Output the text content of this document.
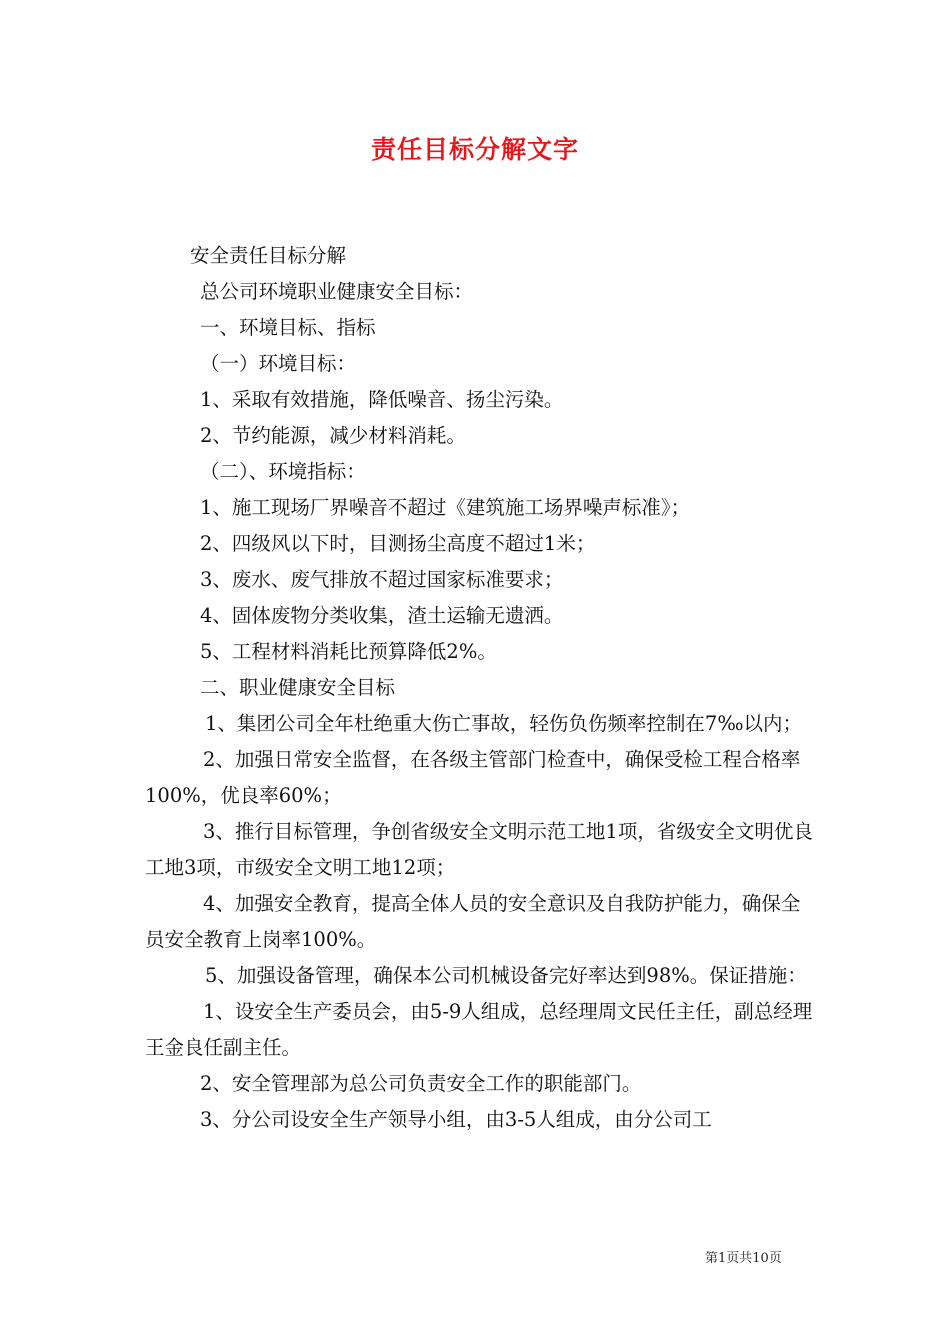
责任目标分解文字

安全责任目标分解

总公司环境职业健康安全目标：

一、环境目标、指标

（一）环境目标：

1、采取有效措施，降低噪音、扬尘污染。

2、节约能源，减少材料消耗。

（二）、环境指标：

1、施工现场厂界噪音不超过《建筑施工场界噪声标准》；

2、四级风以下时，目测扬尘高度不超过1米；

3、废水、废气排放不超过国家标准要求；

4、固体废物分类收集，渣土运输无遗洒。

5、工程材料消耗比预算降低2%。

二、职业健康安全目标

1、集团公司全年杜绝重大伤亡事故，轻伤负伤频率控制在7‰以内；

2、加强日常安全监督，在各级主管部门检查中，确保受检工程合格率100%，优良率60%；

3、推行目标管理，争创省级安全文明示范工地1项，省级安全文明优良工地3项，市级安全文明工地12项；

4、加强安全教育，提高全体人员的安全意识及自我防护能力，确保全员安全教育上岗率100%。

5、加强设备管理，确保本公司机械设备完好率达到98%。保证措施：

1、设安全生产委员会，由5-9人组成，总经理周文民任主任，副总经理王金良任副主任。

2、安全管理部为总公司负责安全工作的职能部门。

3、分公司设安全生产领导小组，由3-5人组成，由分公司工

第1页共10页
